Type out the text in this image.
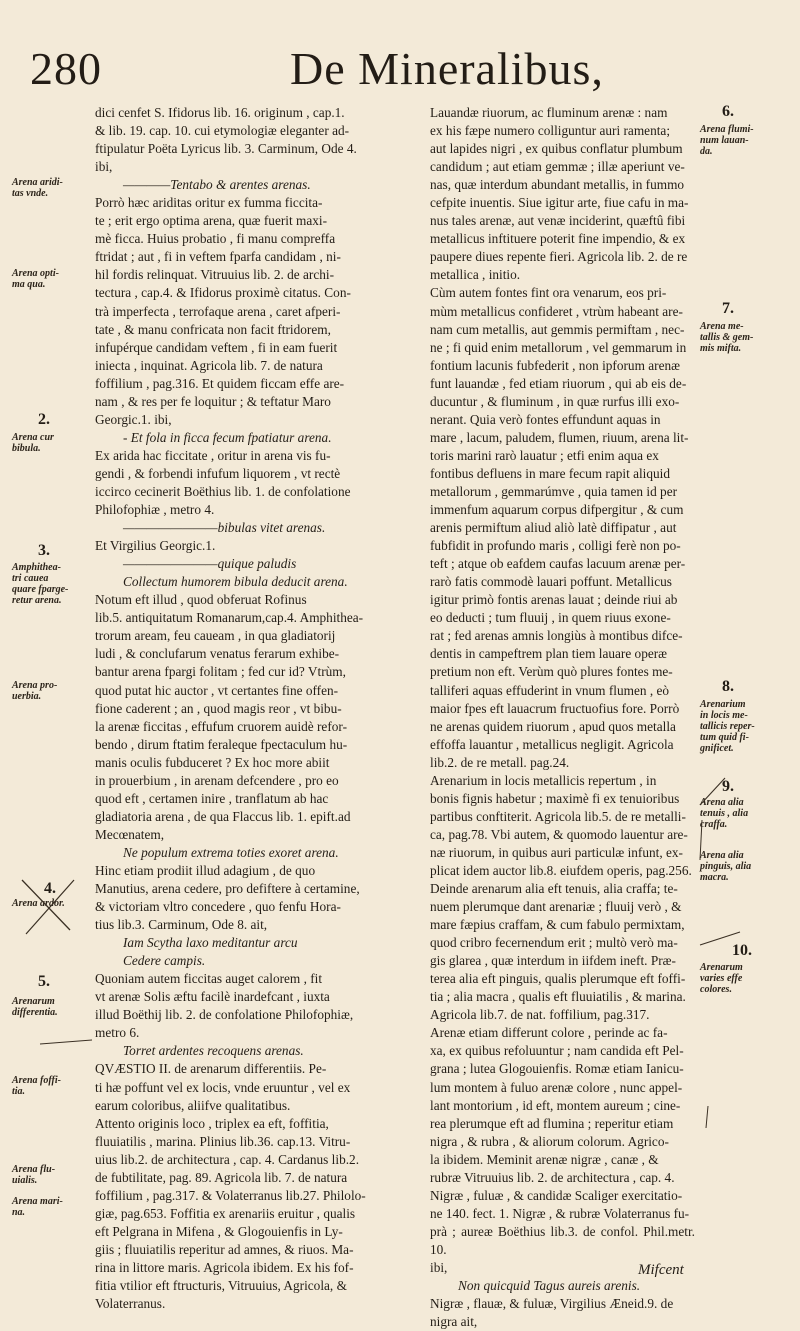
280	De Mineralibus,

dici cenfet S. Ifidorus lib. 16. originum , cap.1.

& lib. 19. cap. 10. cui etymologiæ eleganter ad-

ftipulatur Poëta Lyricus lib. 3. Carminum, Ode 4.

ibi,

————Tentabo & arentes arenas.

Porrò hæc ariditas oritur ex fumma ficcita-

te ; erit ergo optima arena, quæ fuerit maxi-

mè ficca. Huius probatio , fi manu compreffa

ftridat ; aut , fi in veftem fparfa candidam , ni-

hil fordis relinquat. Vitruuius lib. 2. de archi-

tectura , cap.4. & Ifidorus proximè citatus. Con-

trà imperfecta , terrofaque arena , caret afperi-

tate , & manu confricata non facit ftridorem,

infupérque candidam veftem , fi in eam fuerit

iniecta , inquinat. Agricola lib. 7. de natura

foffilium , pag.316. Et quidem ficcam effe are-

nam , & res per fe loquitur ; & teftatur Maro

Georgic.1. ibi,

- Et fola in ficca fecum fpatiatur arena.

Ex arida hac ficcitate , oritur in arena vis fu-

gendi , & forbendi infufum liquorem , vt rectè

iccirco cecinerit Boëthius lib. 1. de confolatione

Philofophiæ , metro 4.

————————bibulas vitet arenas.

Et Virgilius Georgic.1.

————————quique paludis

Collectum humorem bibula deducit arena.

Notum eft illud , quod obferuat Rofinus

lib.5. antiquitatum Romanarum,cap.4. Amphithea-

trorum aream, feu caueam , in qua gladiatorij

ludi , & conclufarum venatus ferarum exhibe-

bantur arena fpargi folitam ; fed cur id? Vtrùm,

quod putat hic auctor , vt certantes fine offen-

fione caderent ; an , quod magis reor , vt bibu-

la arenæ ficcitas , effufum cruorem auidè refor-

bendo , dirum ftatim feraleque fpectaculum hu-

manis oculis fubduceret ? Ex hoc more abiit

in prouerbium , in arenam defcendere , pro eo

quod eft , certamen inire , tranflatum ab hac

gladiatoria arena , de qua Flaccus lib. 1. epift.ad

Mecœnatem,

Ne populum extrema toties exoret arena.

Hinc etiam prodiit illud adagium , de quo

Manutius, arena cedere, pro defiftere à certamine,

& victoriam vltro concedere , quo fenfu Hora-

tius lib.3. Carminum, Ode 8. ait,

Iam Scytha laxo meditantur arcu

Cedere campis.

Quoniam autem ficcitas auget calorem , fit

vt arenæ Solis æftu facilè inardefcant , iuxta

illud Boëthij lib. 2. de confolatione Philofophiæ,

metro 6.

Torret ardentes recoquens arenas.

QVÆSTIO II. de arenarum differentiis. Pe-

ti hæ poffunt vel ex locis, vnde eruuntur , vel ex

earum coloribus, aliifve qualitatibus.

Attento originis loco , triplex ea eft, foffitia,

fluuiatilis , marina. Plinius lib.36. cap.13. Vitru-

uius lib.2. de architectura , cap. 4. Cardanus lib.2.

de fubtilitate, pag. 89. Agricola lib. 7. de natura

foffilium , pag.317. & Volaterranus lib.27. Philolo-

giæ, pag.653. Foffitia ex arenariis eruitur , qualis

eft Pelgrana in Mifena , & Glogouienfis in Ly-

giis ; fluuiatilis reperitur ad amnes, & riuos. Ma-

rina in littore maris. Agricola ibidem. Ex his fof-

fitia vtilior eft ftructuris, Vitruuius, Agricola, &

Volaterranus.

Lauandæ riuorum, ac fluminum arenæ : nam

ex his fæpe numero colliguntur auri ramenta;

aut lapides nigri , ex quibus conflatur plumbum

candidum ; aut etiam gemmæ ; illæ aperiunt ve-

nas, quæ interdum abundant metallis, in fummo

cefpite inuentis. Siue igitur arte, fiue cafu in ma-

nus tales arenæ, aut venæ inciderint, quæftû fibi

metallicus inftituere poterit fine impendio, & ex

paupere diues repente fieri. Agricola lib. 2. de re

metallica , initio.

Cùm autem fontes fint ora venarum, eos pri-

mùm metallicus confideret , vtrùm habeant are-

nam cum metallis, aut gemmis permiftam , nec-

ne ; fi quid enim metallorum , vel gemmarum in

fontium lacunis fubfederit , non ipforum arenæ

funt lauandæ , fed etiam riuorum , qui ab eis de-

ducuntur , & fluminum , in quæ rurfus illi exo-

nerant. Quia verò fontes effundunt aquas in

mare , lacum, paludem, flumen, riuum, arena lit-

toris marini rarò lauatur ; etfi enim aqua ex

fontibus defluens in mare fecum rapit aliquid

metallorum , gemmarúmve , quia tamen id per

immenfum aquarum corpus difpergitur , & cum

arenis permiftum aliud aliò latè diffipatur , aut

fubfidit in profundo maris , colligi ferè non po-

teft ; atque ob eafdem caufas lacuum arenæ per-

rarò fatis commodè lauari poffunt. Metallicus

igitur primò fontis arenas lauat ; deinde riui ab

eo deducti ; tum fluuij , in quem riuus exone-

rat ; fed arenas amnis longiùs à montibus difce-

dentis in campeftrem plan tiem lauare operæ

pretium non eft. Verùm quò plures fontes me-

talliferi aquas effuderint in vnum flumen , eò

maior fpes eft lauacrum fructuofius fore. Porrò

ne arenas quidem riuorum , apud quos metalla

effoffa lauantur , metallicus negligit. Agricola

lib.2. de re metall. pag.24.

Arenarium in locis metallicis repertum , in

bonis fignis habetur ; maximè fi ex tenuioribus

partibus conftiterit. Agricola lib.5. de re metalli-

ca, pag.78. Vbi autem, & quomodo lauentur are-

næ riuorum, in quibus auri particulæ infunt, ex-

plicat idem auctor lib.8. eiufdem operis, pag.256.

Deinde arenarum alia eft tenuis, alia craffa; te-

nuem plerumque dant arenariæ ; fluuij verò , &

mare fæpius craffam, & cum fabulo permixtam,

quod cribro fecernendum erit ; multò verò ma-

gis glarea , quæ interdum in iifdem ineft. Præ-

terea alia eft pinguis, qualis plerumque eft foffi-

tia ; alia macra , qualis eft fluuiatilis , & marina.

Agricola lib.7. de nat. foffilium, pag.317.

Arenæ etiam differunt colore , perinde ac fa-

xa, ex quibus refoluuntur ; nam candida eft Pel-

grana ; lutea Glogouienfis. Romæ etiam Ianicu-

lum montem à fuluo arenæ colore , nunc appel-

lant montorium , id eft, montem aureum ; cine-

rea plerumque eft ad flumina ; reperitur etiam

nigra , & rubra , & aliorum colorum. Agrico-

la ibidem. Meminit arenæ nigræ , canæ , &

rubræ Vitruuius lib. 2. de architectura , cap. 4.

Nigræ , fuluæ , & candidæ Scaliger exercitatio-

ne 140. fect. 1. Nigræ , & rubræ Volaterranus fu-

prà ; aureæ Boëthius lib.3. de confol. Phil.metr. 10.

ibi,

Non quicquid Tagus aureis arenis.

Nigræ , flauæ, & fuluæ, Virgilius Æneid.9. de

nigra ait,

2.
3.
4.
5.
Arena aridi-
tas vnde.
Arena opti-
ma qua.
Arena cur
bibula.
Amphithea-
tri cauea
quare fparge-
retur arena.
Arena pro-
uerbia.
Arena ardor.
Arenarum
differentia.
Arena foffi-
tia.
Arena flu-
uialis.
Arena mari-
na.
6.
7.
8.
9.
10.
Arena flumi-
num lauan-
da.
Arena me-
tallis & gem-
mis mifta.
Arenarium
in locis me-
tallicis reper-
tum quid fi-
gnificet.
Arena alia
tenuis , alia
craffa.
Arena alia
pinguis, alia
macra.
Arenarum
varies effe
colores.
Mifcent
